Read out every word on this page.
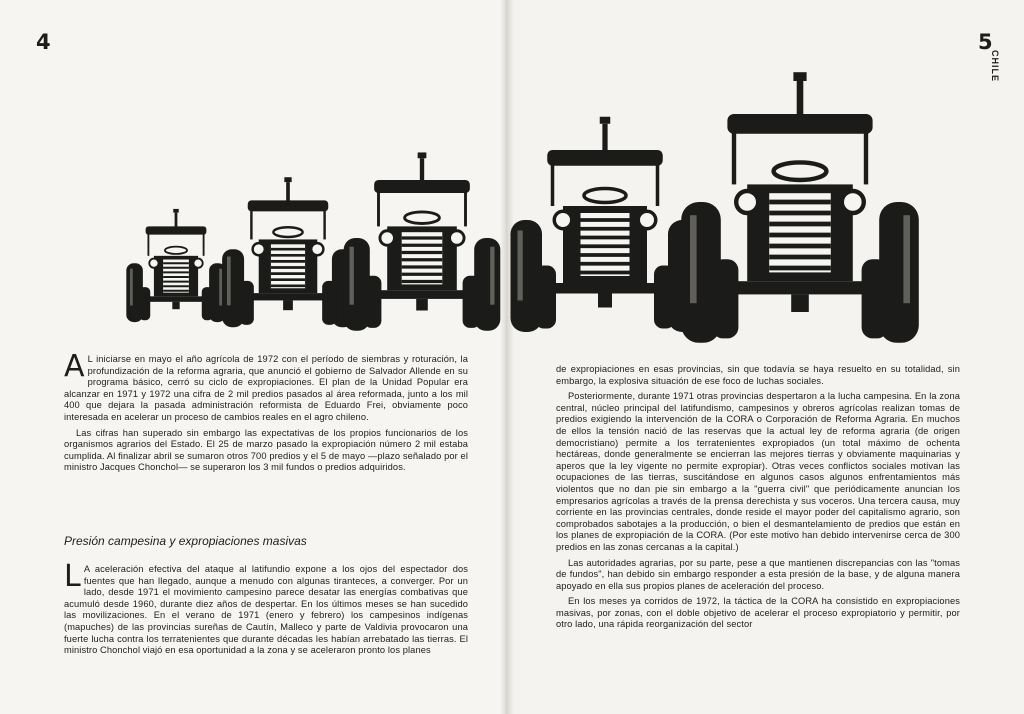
4	5
CHILE

A L iniciarse en mayo el año agrícola de 1972 con el período de siembras y roturación, la profundización de la reforma agraria, que anunció el gobierno de Salvador Allende en su programa básico, cerró su ciclo de expropiaciones. El plan de la Unidad Popular era alcanzar en 1971 y 1972 una cifra de 2 mil predios pasados al área reformada, junto a los mil 400 que dejara la pasada administración reformista de Eduardo Frei, obviamente poco interesada en acelerar un proceso de cambios reales en el agro chileno.

Las cifras han superado sin embargo las expectativas de los propios funcionarios de los organismos agrarios del Estado. El 25 de marzo pasado la expropiación número 2 mil estaba cumplida. Al finalizar abril se sumaron otros 700 predios y el 5 de mayo —plazo señalado por el ministro Jacques Chonchol— se superaron los 3 mil fundos o predios adquiridos.

Presión campesina y expropiaciones masivas

L A aceleración efectiva del ataque al latifundio expone a los ojos del espectador dos fuentes que han llegado, aunque a menudo con algunas tiranteces, a converger. Por un lado, desde 1971 el movimiento campesino parece desatar las energías combativas que acumuló desde 1960, durante diez años de despertar. En los últimos meses se han sucedido las movilizaciones. En el verano de 1971 (enero y febrero) los campesinos indígenas (mapuches) de las provincias sureñas de Cautín, Malleco y parte de Valdivia provocaron una fuerte lucha contra los terratenientes que durante décadas les habían arrebatado las tierras. El ministro Chonchol viajó en esa oportunidad a la zona y se aceleraron pronto los planes

de expropiaciones en esas provincias, sin que todavía se haya resuelto en su totalidad, sin embargo, la explosiva situación de ese foco de luchas sociales.

Posteriormente, durante 1971 otras provincias despertaron a la lucha campesina. En la zona central, núcleo principal del latifundismo, campesinos y obreros agrícolas realizan tomas de predios exigiendo la intervención de la CORA o Corporación de Reforma Agraria. En muchos de ellos la tensión nació de las reservas que la actual ley de reforma agraria (de origen democristiano) permite a los terratenientes expropiados (un total máximo de ochenta hectáreas, donde generalmente se encierran las mejores tierras y obviamente maquinarias y aperos que la ley vigente no permite expropiar). Otras veces conflictos sociales motivan las ocupaciones de las tierras, suscitándose en algunos casos algunos enfrentamientos más violentos que no dan pie sin embargo a la "guerra civil" que periódicamente anuncian los empresarios agrícolas a través de la prensa derechista y sus voceros. Una tercera causa, muy corriente en las provincias centrales, donde reside el mayor poder del capitalismo agrario, son comprobados sabotajes a la producción, o bien el desmantelamiento de predios que están en los planes de expropiación de la CORA. (Por este motivo han debido intervenirse cerca de 300 predios en las zonas cercanas a la capital.)

Las autoridades agrarias, por su parte, pese a que mantienen discrepancias con las "tomas de fundos", han debido sin embargo responder a esta presión de la base, y de alguna manera apoyado en ella sus propios planes de aceleración del proceso.

En los meses ya corridos de 1972, la táctica de la CORA ha consistido en expropiaciones masivas, por zonas, con el doble objetivo de acelerar el proceso expropiatorio y permitir, por otro lado, una rápida reorganización del sector
